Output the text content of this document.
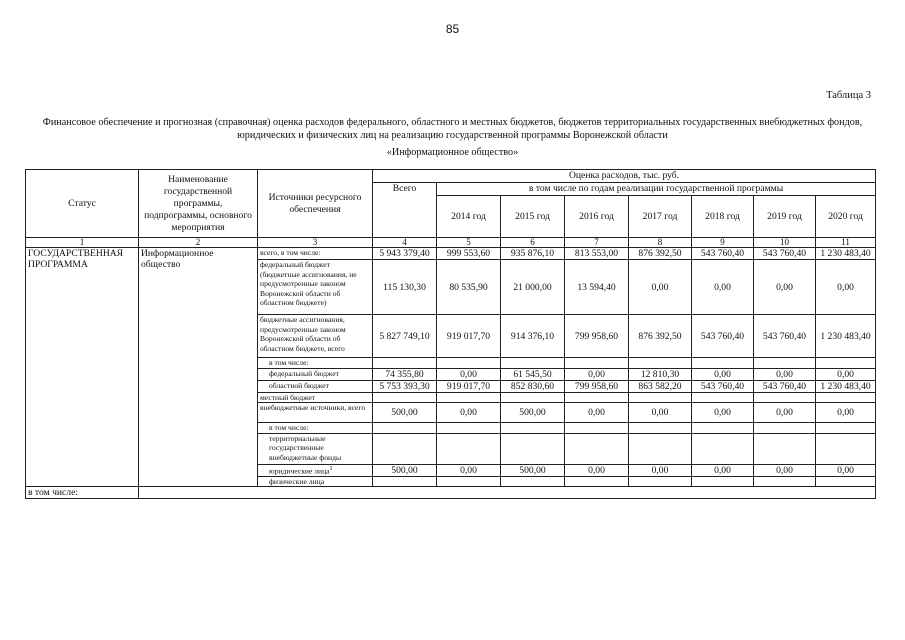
85
Таблица 3
Финансовое обеспечение и прогнозная (справочная) оценка расходов федерального, областного и местных бюджетов, бюджетов территориальных государственных внебюджетных фондов, юридических и физических лиц на реализацию государственной программы Воронежской области
«Информационное общество»
Статус	Наименование государственной программы, подпрограммы, основного мероприятия	Источники ресурсного обеспечения	Оценка расходов, тыс. руб.							
			Всего	в том числе по годам реализации государственной программы						
				2014 год	2015 год	2016 год	2017 год	2018 год	2019 год	2020 год
1	2	3	4	5	6	7	8	9	10	11
ГОСУДАРСТВЕННАЯ ПРОГРАММА	Информационное общество	всего, в том числе:	5 943 379,40	999 553,60	935 876,10	813 553,00	876 392,50	543 760,40	543 760,40	1 230 483,40
		федеральный бюджет (бюджетные ассигнования, не предусмотренные законом Воронежской области об областном бюджете)	115 130,30	80 535,90	21 000,00	13 594,40	0,00	0,00	0,00	0,00
		бюджетные ассигнования, предусмотренные законом Воронежской области об областном бюджете, всего	5 827 749,10	919 017,70	914 376,10	799 958,60	876 392,50	543 760,40	543 760,40	1 230 483,40
		в том числе:								
		федеральный бюджет	74 355,80	0,00	61 545,50	0,00	12 810,30	0,00	0,00	0,00
		областной бюджет	5 753 393,30	919 017,70	852 830,60	799 958,60	863 582,20	543 760,40	543 760,40	1 230 483,40
		местный бюджет								
		внебюджетные источники, всего	500,00	0,00	500,00	0,00	0,00	0,00	0,00	0,00
		в том числе:								
		территориальные государственные внебюджетные фонды								
		юридические лица$^1$	500,00	0,00	500,00	0,00	0,00	0,00	0,00	0,00
		физические лица								
в том числе:										
